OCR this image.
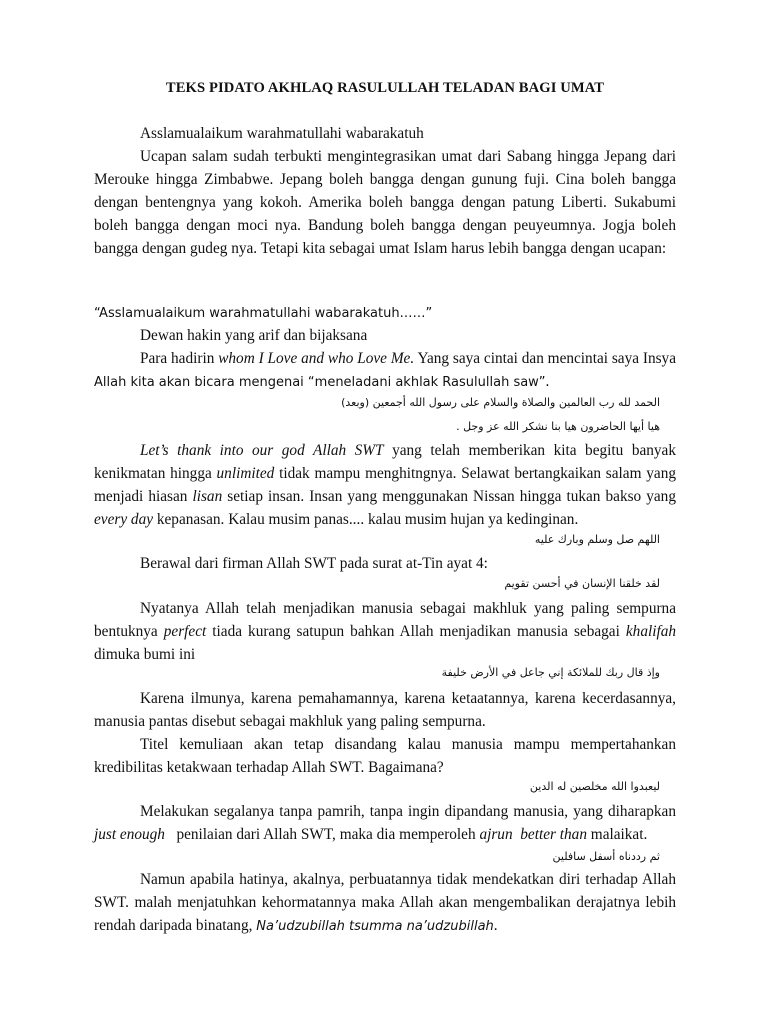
TEKS PIDATO AKHLAQ RASULULLAH TELADAN BAGI UMAT
Asslamualaikum warahmatullahi wabarakatuh
Ucapan salam sudah terbukti mengintegrasikan umat dari Sabang hingga Jepang dari Merouke hingga Zimbabwe. Jepang boleh bangga dengan gunung fuji. Cina boleh bangga dengan bentengnya yang kokoh. Amerika boleh bangga dengan patung Liberti. Sukabumi boleh bangga dengan moci nya. Bandung boleh bangga dengan peuyeumnya. Jogja boleh bangga dengan gudeg nya. Tetapi kita sebagai umat Islam harus lebih bangga dengan ucapan:
“Asslamualaikum warahmatullahi wabarakatuh……”
Dewan hakin yang arif dan bijaksana
Para hadirin whom I Love and who Love Me. Yang saya cintai dan mencintai saya Insya Allah kita akan bicara mengenai “meneladani akhlak Rasulullah saw”.
الحمد لله رب العالمين والصلاة والسلام على رسول الله أجمعين (وبعد)
هيا أيها الحاضرون هيا بنا نشكر الله عز وجل .
Let’s thank into our god Allah SWT yang telah memberikan kita begitu banyak kenikmatan hingga unlimited tidak mampu menghitngnya. Selawat bertangkaikan salam yang menjadi hiasan lisan setiap insan. Insan yang menggunakan Nissan hingga tukan bakso yang every day kepanasan. Kalau musim panas.... kalau musim hujan ya kedinginan.
اللهم صل وسلم وبارك عليه
Berawal dari firman Allah SWT pada surat at-Tin ayat 4:
لقد خلقنا الإنسان في أحسن تقويم
Nyatanya Allah telah menjadikan manusia sebagai makhluk yang paling sempurna bentuknya perfect tiada kurang satupun bahkan Allah menjadikan manusia sebagai khalifah dimuka bumi ini
وإذ قال ربك للملائكة إني جاعل في الأرض خليفة
Karena ilmunya, karena pemahamannya, karena ketaatannya, karena kecerdasannya, manusia pantas disebut sebagai makhluk yang paling sempurna.
Titel kemuliaan akan tetap disandang kalau manusia mampu mempertahankan kredibilitas ketakwaan terhadap Allah SWT. Bagaimana?
ليعبدوا الله مخلصين له الدين
Melakukan segalanya tanpa pamrih, tanpa ingin dipandang manusia, yang diharapkan just enough   penilaian dari Allah SWT, maka dia memperoleh ajrun better than malaikat.
ثم رددناه أسفل سافلين
Namun apabila hatinya, akalnya, perbuatannya tidak mendekatkan diri terhadap Allah SWT. malah menjatuhkan kehormatannya maka Allah akan mengembalikan derajatnya lebih rendah daripada binatang, Na’udzubillah tsumma na’udzubillah.
